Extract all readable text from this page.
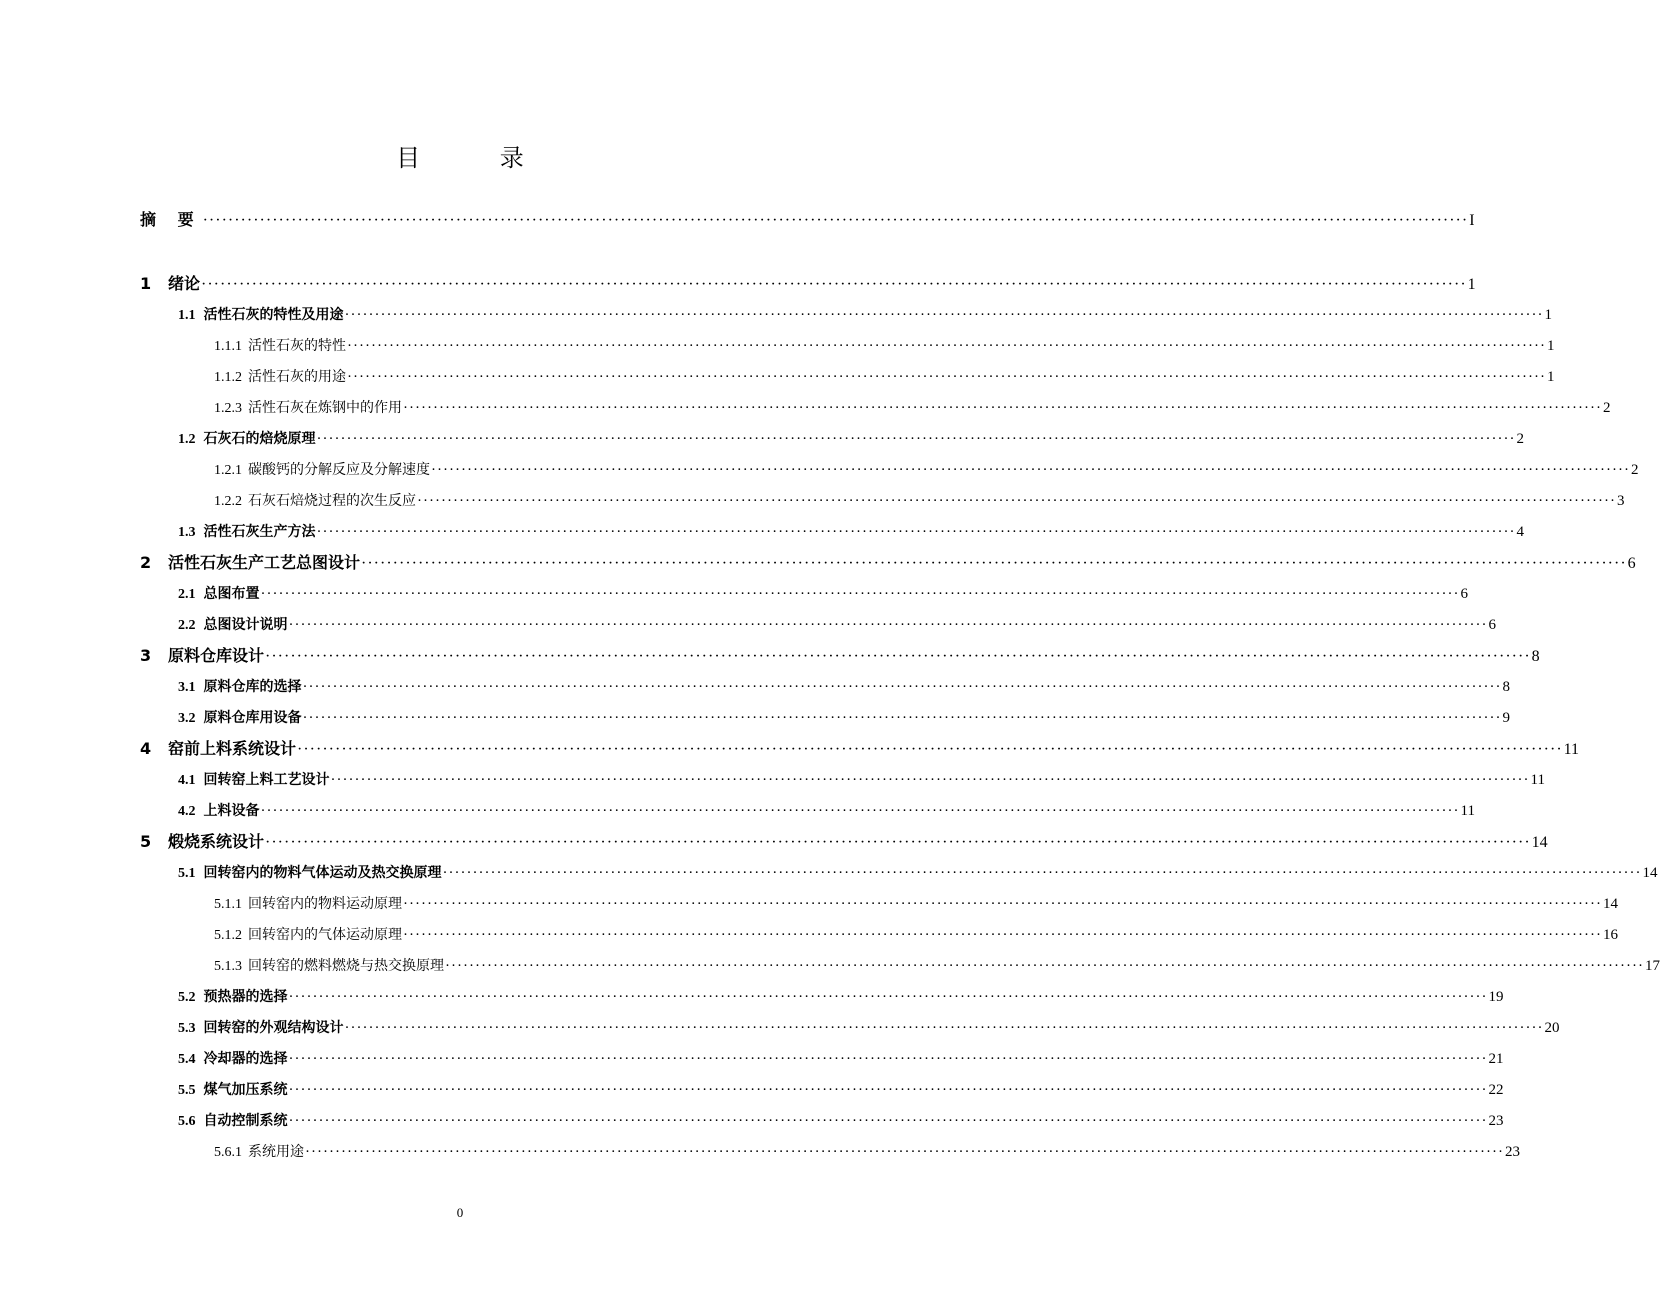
目 录
摘 要 ········································································································································································································ I
1	绪论 ········································································································································································································ 1
1.1 活性石灰的特性及用途 ········································································································································································································ 1
1.1.1 活性石灰的特性 ········································································································································································································ 1
1.1.2 活性石灰的用途 ········································································································································································································ 1
1.2.3 活性石灰在炼钢中的作用 ········································································································································································································ 2
1.2 石灰石的焙烧原理 ········································································································································································································ 2
1.2.1 碳酸钙的分解反应及分解速度 ········································································································································································································ 2
1.2.2 石灰石焙烧过程的次生反应 ········································································································································································································ 3
1.3 活性石灰生产方法 ········································································································································································································ 4
2	活性石灰生产工艺总图设计 ········································································································································································································ 6
2.1 总图布置 ········································································································································································································ 6
2.2 总图设计说明 ········································································································································································································ 6
3	原料仓库设计 ········································································································································································································ 8
3.1 原料仓库的选择 ········································································································································································································ 8
3.2 原料仓库用设备 ········································································································································································································ 9
4	窑前上料系统设计 ········································································································································································································ 11
4.1 回转窑上料工艺设计 ········································································································································································································ 11
4.2 上料设备 ········································································································································································································ 11
5	煅烧系统设计 ········································································································································································································ 14
5.1 回转窑内的物料气体运动及热交换原理 ········································································································································································································ 14
5.1.1 回转窑内的物料运动原理 ········································································································································································································ 14
5.1.2 回转窑内的气体运动原理 ········································································································································································································ 16
5.1.3 回转窑的燃料燃烧与热交换原理 ········································································································································································································ 17
5.2 预热器的选择 ········································································································································································································ 19
5.3 回转窑的外观结构设计 ········································································································································································································ 20
5.4 冷却器的选择 ········································································································································································································ 21
5.5 煤气加压系统 ········································································································································································································ 22
5.6 自动控制系统 ········································································································································································································ 23
5.6.1 系统用途 ········································································································································································································ 23
0
